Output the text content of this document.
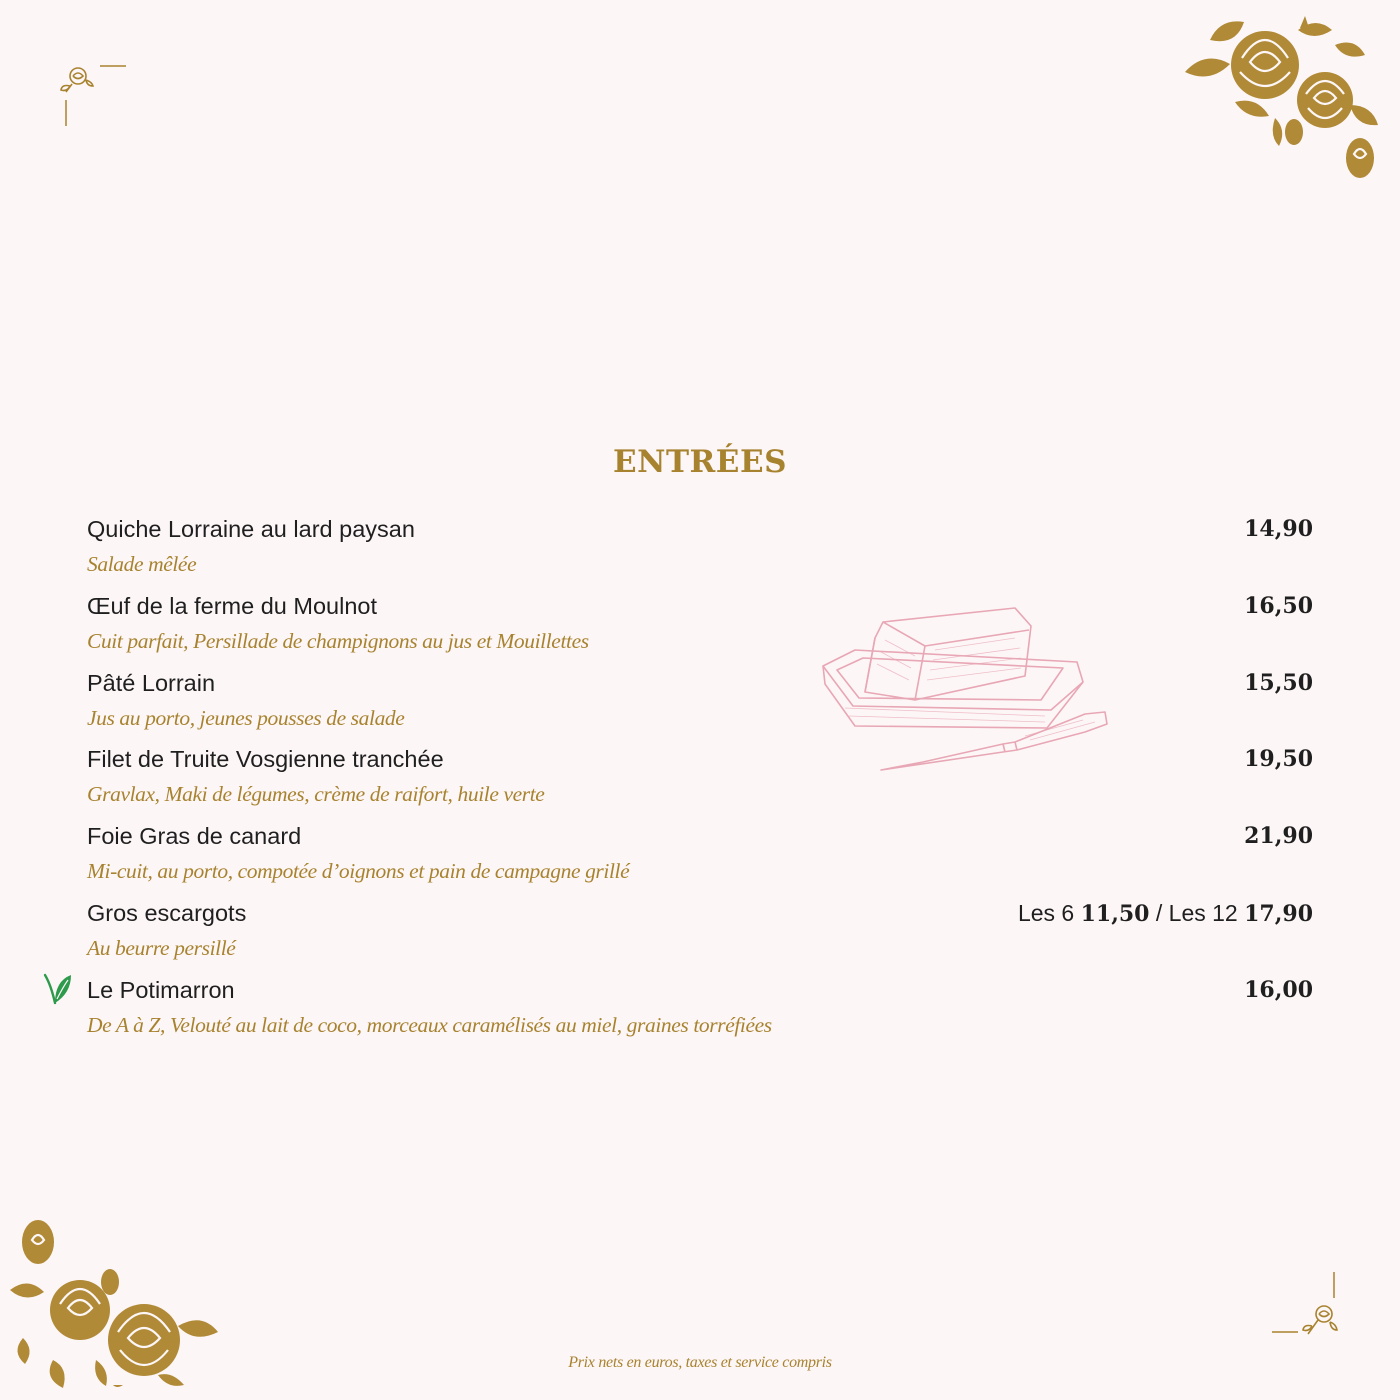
ENTRÉES
Quiche Lorraine au lard paysan
Salade mêlée
14,90
Œuf de la ferme du Moulnot
Cuit parfait, Persillade de champignons au jus et Mouillettes
16,50
Pâté Lorrain
Jus au porto, jeunes pousses de salade
15,50
Filet de Truite Vosgienne tranchée
Gravlax, Maki de légumes, crème de raifort, huile verte
19,50
Foie Gras de canard
Mi-cuit, au porto, compotée d’oignons et pain de campagne grillé
21,90
Gros escargots
Au beurre persillé
Les 6 11,50 / Les 12 17,90
Le Potimarron
De A à Z, Velouté au lait de coco, morceaux caramélisés au miel, graines torréfiées
16,00
Prix nets en euros, taxes et service compris
